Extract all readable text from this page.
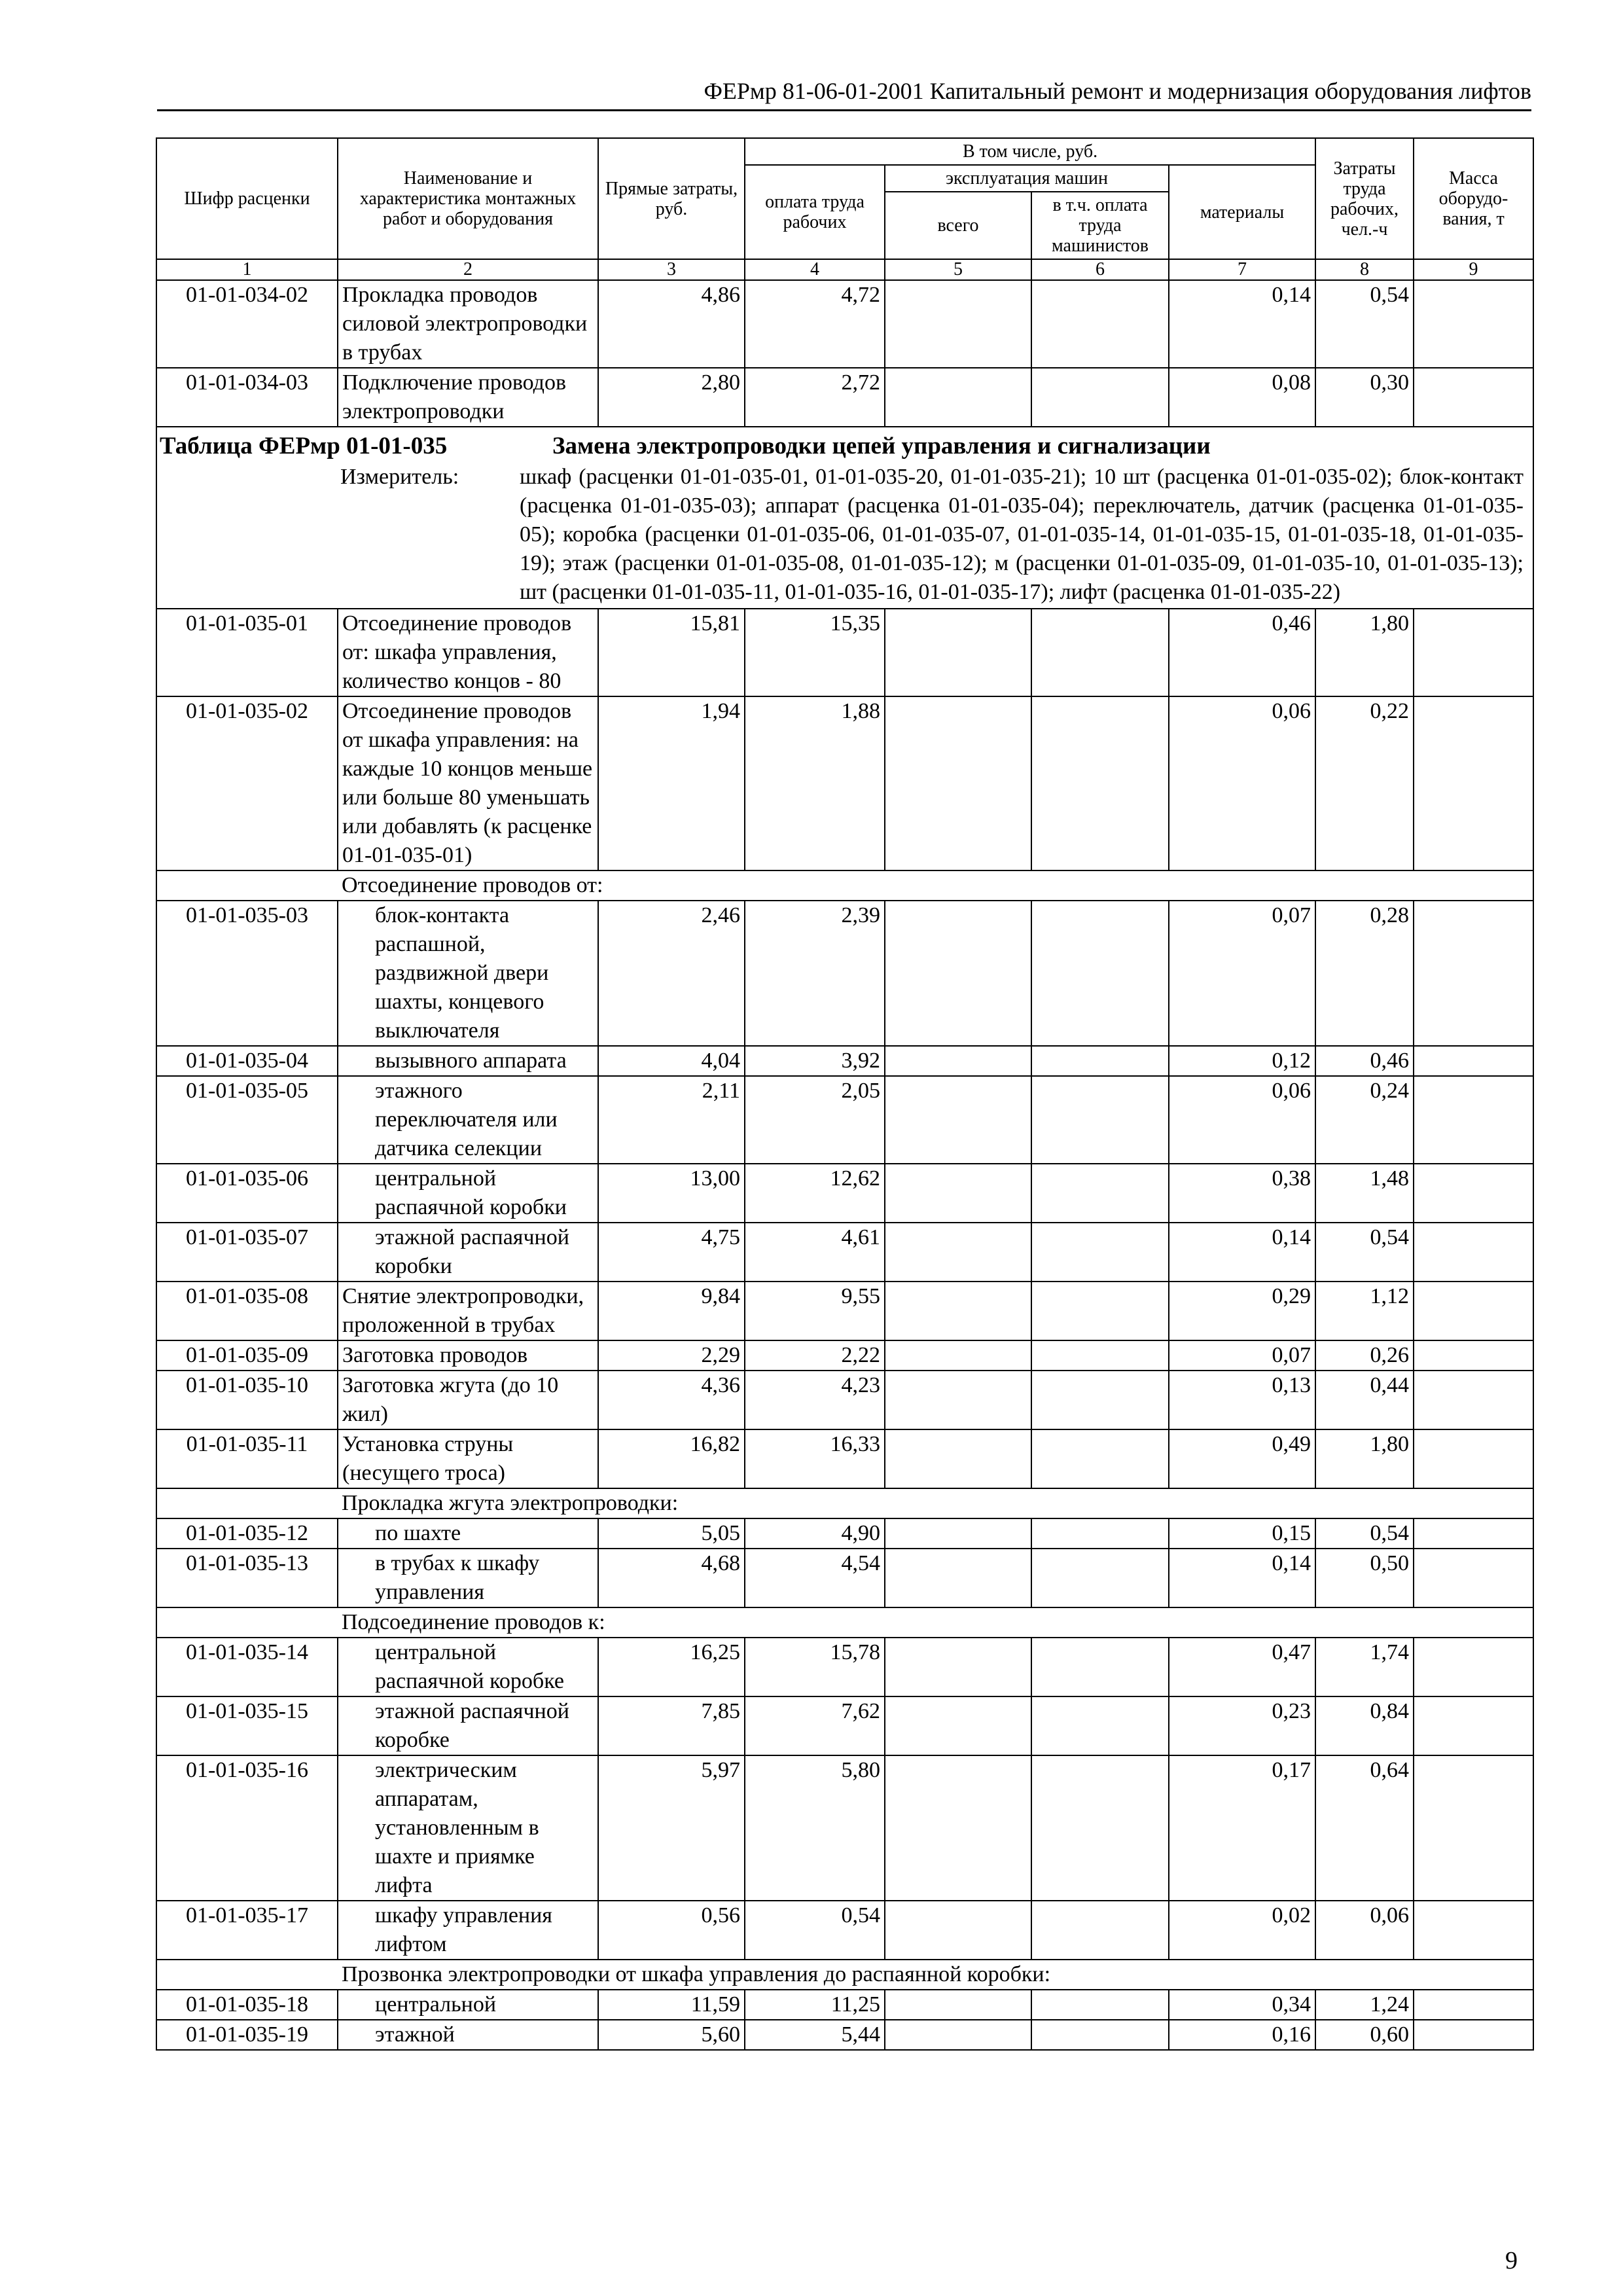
ФЕРмр 81-06-01-2001 Капитальный ремонт и модернизация оборудования лифтов
Шифр расценки	Наименование и характеристика монтажных работ и оборудования	Прямые затраты, руб.	В том числе, руб.				Затраты труда рабочих, чел.-ч	Масса оборудо-вания, т
			оплата труда рабочих	эксплуатация машин		материалы		
				всего	в т.ч. оплата труда машинистов			
1	2	3	4	5	6	7	8	9
01-01-034-02	Прокладка проводов силовой электропроводки в трубах	4,86	4,72			0,14	0,54	
01-01-034-03	Подключение проводов электропроводки	2,80	2,72			0,08	0,30	

Таблица ФЕРмр 01-01-035 Замена электропроводки цепей управления и сигнализации
Измеритель: шкаф (расценки 01-01-035-01, 01-01-035-20, 01-01-035-21); 10 шт (расценка 01-01-035-02); блок-контакт (расценка 01-01-035-03); аппарат (расценка 01-01-035-04); переключатель, датчик (расценка 01-01-035-05); коробка (расценки 01-01-035-06, 01-01-035-07, 01-01-035-14, 01-01-035-15, 01-01-035-18, 01-01-035-19); этаж (расценки 01-01-035-08, 01-01-035-12); м (расценки 01-01-035-09, 01-01-035-10, 01-01-035-13); шт (расценки 01-01-035-11, 01-01-035-16, 01-01-035-17); лифт (расценка 01-01-035-22)								

01-01-035-01	Отсоединение проводов от: шкафа управления, количество концов - 80	15,81	15,35			0,46	1,80	
01-01-035-02	Отсоединение проводов от шкафа управления: на каждые 10 концов меньше или больше 80 уменьшать или добавлять (к расценке 01-01-035-01)	1,94	1,88			0,06	0,22	
	Отсоединение проводов от:							
01-01-035-03	блок-контакта распашной, раздвижной двери шахты, концевого выключателя	2,46	2,39			0,07	0,28	
01-01-035-04	вызывного аппарата	4,04	3,92			0,12	0,46	
01-01-035-05	этажного переключателя или датчика селекции	2,11	2,05			0,06	0,24	
01-01-035-06	центральной распаячной коробки	13,00	12,62			0,38	1,48	
01-01-035-07	этажной распаячной коробки	4,75	4,61			0,14	0,54	
01-01-035-08	Снятие электропроводки, проложенной в трубах	9,84	9,55			0,29	1,12	
01-01-035-09	Заготовка проводов	2,29	2,22			0,07	0,26	
01-01-035-10	Заготовка жгута (до 10 жил)	4,36	4,23			0,13	0,44	
01-01-035-11	Установка струны (несущего троса)	16,82	16,33			0,49	1,80	
	Прокладка жгута электропроводки:							
01-01-035-12	по шахте	5,05	4,90			0,15	0,54	
01-01-035-13	в трубах к шкафу управления	4,68	4,54			0,14	0,50	
	Подсоединение проводов к:							
01-01-035-14	центральной распаячной коробке	16,25	15,78			0,47	1,74	
01-01-035-15	этажной распаячной коробке	7,85	7,62			0,23	0,84	
01-01-035-16	электрическим аппаратам, установленным в шахте и приямке лифта	5,97	5,80			0,17	0,64	
01-01-035-17	шкафу управления лифтом	0,56	0,54			0,02	0,06	
	Прозвонка электропроводки от шкафа управления до распаянной коробки:							
01-01-035-18	центральной	11,59	11,25			0,34	1,24	
01-01-035-19	этажной	5,60	5,44			0,16	0,60	
9
